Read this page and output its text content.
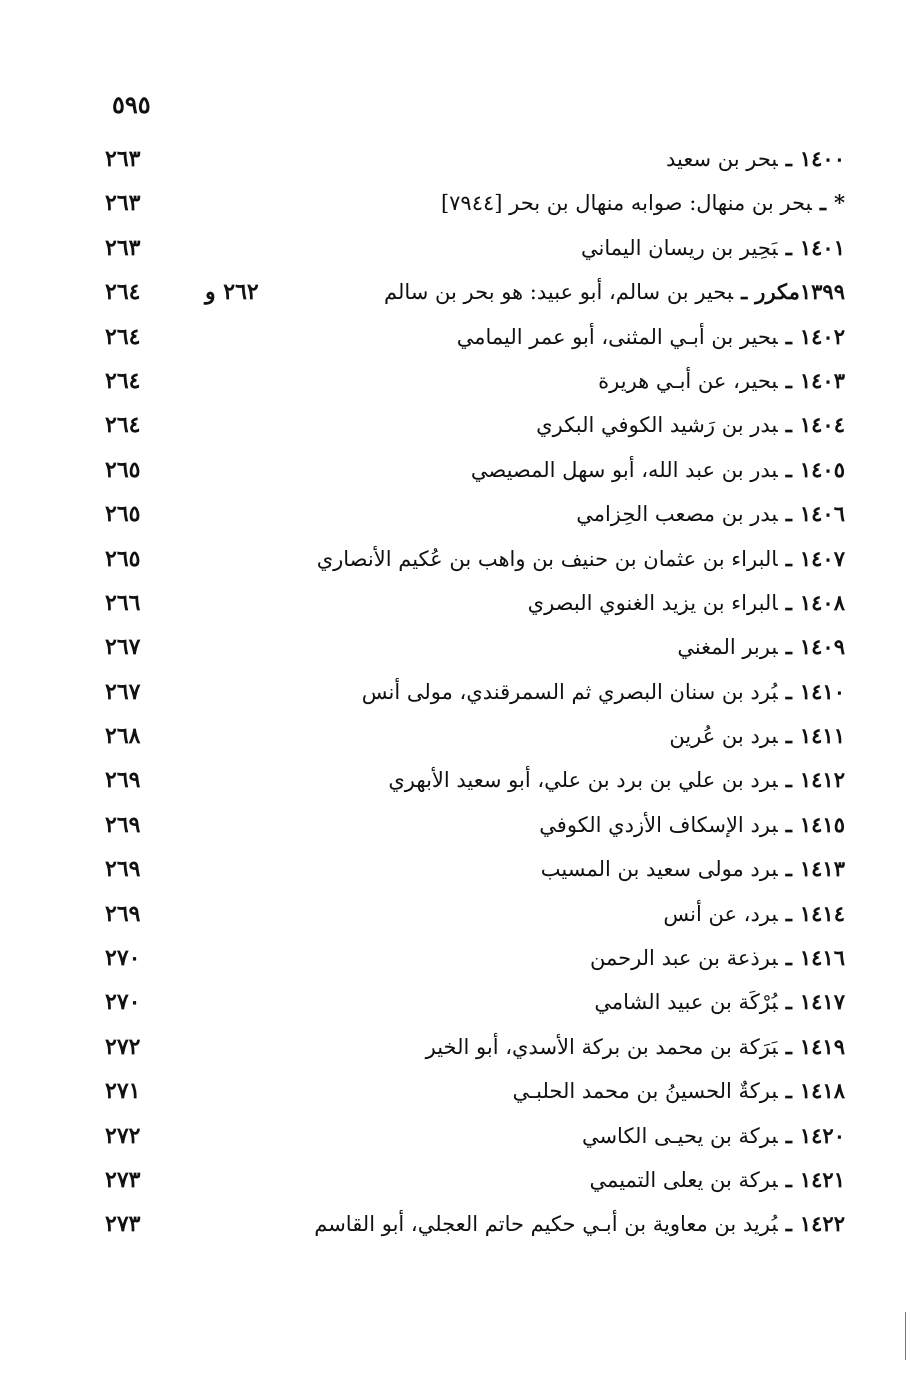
٥٩٥
١٤٠٠ـبحر بن سعيد
٢٦٣
*ـبحر بن منهال: صوابه منهال بن بحر [٧٩٤٤]
٢٦٣
١٤٠١ـبَحِير بن ريسان اليماني
٢٦٣
١٣٩٩مكررـبحير بن سالم، أبو عبيد: هو بحر بن سالم
٢٦٢ و
٢٦٤
١٤٠٢ـبحير بن أبـي المثنى، أبو عمر اليمامي
٢٦٤
١٤٠٣ـبحير، عن أبـي هريرة
٢٦٤
١٤٠٤ـبدر بن رَشيد الكوفي البكري
٢٦٤
١٤٠٥ـبدر بن عبد الله، أبو سهل المصيصي
٢٦٥
١٤٠٦ـبدر بن مصعب الحِزامي
٢٦٥
١٤٠٧ـالبراء بن عثمان بن حنيف بن واهب بن عُكيم الأنصاري
٢٦٥
١٤٠٨ـالبراء بن يزيد الغنوي البصري
٢٦٦
١٤٠٩ـبربر المغني
٢٦٧
١٤١٠ـبُرد بن سنان البصري ثم السمرقندي، مولى أنس
٢٦٧
١٤١١ـبرد بن عُرين
٢٦٨
١٤١٢ـبرد بن علي بن برد بن علي، أبو سعيد الأبهري
٢٦٩
١٤١٥ـبرد الإسكاف الأزدي الكوفي
٢٦٩
١٤١٣ـبرد مولى سعيد بن المسيب
٢٦٩
١٤١٤ـبرد، عن أنس
٢٦٩
١٤١٦ـبرذعة بن عبد الرحمن
٢٧٠
١٤١٧ـبُرْكَة بن عبيد الشامي
٢٧٠
١٤١٩ـبَرَكة بن محمد بن بركة الأسدي، أبو الخير
٢٧٢
١٤١٨ـبركةٌ الحسينُ بن محمد الحلبـي
٢٧١
١٤٢٠ـبركة بن يحيـى الكاسي
٢٧٢
١٤٢١ـبركة بن يعلى التميمي
٢٧٣
١٤٢٢ـبُريد بن معاوية بن أبـي حكيم حاتم العجلي، أبو القاسم
٢٧٣
